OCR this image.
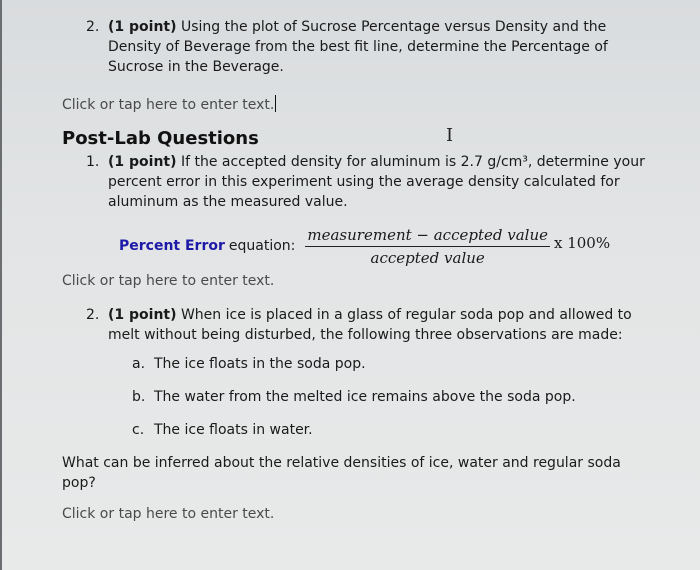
2. (1 point) Using the plot of Sucrose Percentage versus Density and the
Density of Beverage from the best fit line, determine the Percentage of
Sucrose in the Beverage.
Click or tap here to enter text.
Post-Lab Questions	I
1. (1 point) If the accepted density for aluminum is 2.7 g/cm³, determine your
percent error in this experiment using the average density calculated for
aluminum as the measured value.
Percent Error equation: $\frac{\text{measurement − accepted value}}{\text{accepted value}}$ x 100%
Click or tap here to enter text.
2. (1 point) When ice is placed in a glass of regular soda pop and allowed to
melt without being disturbed, the following three observations are made:
a. The ice floats in the soda pop.
b. The water from the melted ice remains above the soda pop.
c. The ice floats in water.
What can be inferred about the relative densities of ice, water and regular soda pop?
Click or tap here to enter text.
